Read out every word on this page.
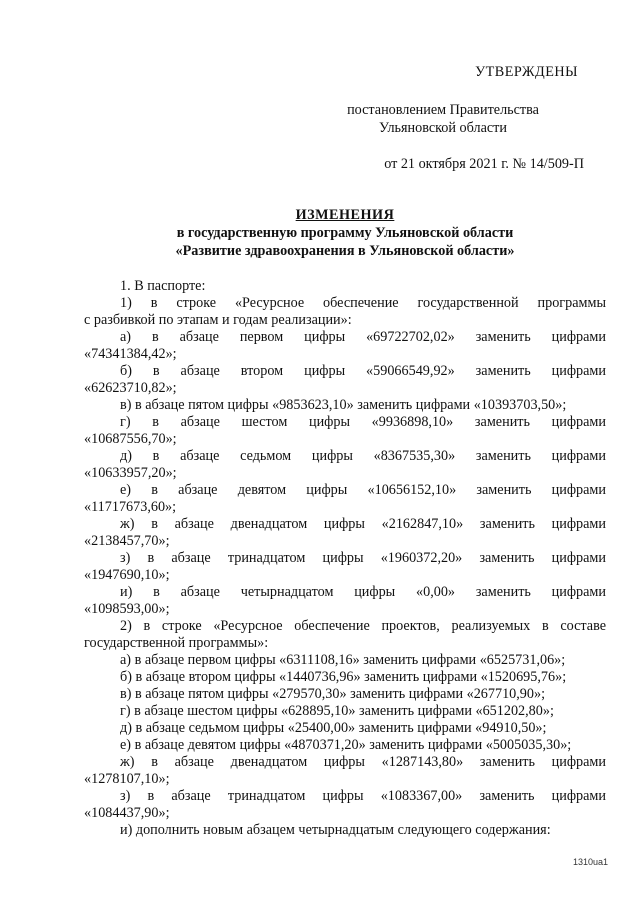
УТВЕРЖДЕНЫ
постановлением Правительства
Ульяновской области
от 21 октября 2021 г. № 14/509-П
ИЗМЕНЕНИЯ
в государственную программу Ульяновской области
«Развитие здравоохранения в Ульяновской области»
1. В паспорте:
1) в строке «Ресурсное обеспечение государственной программы
с разбивкой по этапам и годам реализации»:
а) в абзаце первом цифры «69722702,02» заменить цифрами
«74341384,42»;
б) в абзаце втором цифры «59066549,92» заменить цифрами
«62623710,82»;
в) в абзаце пятом цифры «9853623,10» заменить цифрами «10393703,50»;
г) в абзаце шестом цифры «9936898,10» заменить цифрами
«10687556,70»;
д) в абзаце седьмом цифры «8367535,30» заменить цифрами
«10633957,20»;
е) в абзаце девятом цифры «10656152,10» заменить цифрами
«11717673,60»;
ж) в абзаце двенадцатом цифры «2162847,10» заменить цифрами
«2138457,70»;
з) в абзаце тринадцатом цифры «1960372,20» заменить цифрами
«1947690,10»;
и) в абзаце четырнадцатом цифры «0,00» заменить цифрами
«1098593,00»;
2) в строке «Ресурсное обеспечение проектов, реализуемых в составе
государственной программы»:
а) в абзаце первом цифры «6311108,16» заменить цифрами «6525731,06»;
б) в абзаце втором цифры «1440736,96» заменить цифрами «1520695,76»;
в) в абзаце пятом цифры «279570,30» заменить цифрами «267710,90»;
г) в абзаце шестом цифры «628895,10» заменить цифрами «651202,80»;
д) в абзаце седьмом цифры «25400,00» заменить цифрами «94910,50»;
е) в абзаце девятом цифры «4870371,20» заменить цифрами «5005035,30»;
ж) в абзаце двенадцатом цифры «1287143,80» заменить цифрами
«1278107,10»;
з) в абзаце тринадцатом цифры «1083367,00» заменить цифрами
«1084437,90»;
и) дополнить новым абзацем четырнадцатым следующего содержания:
1310ua1
